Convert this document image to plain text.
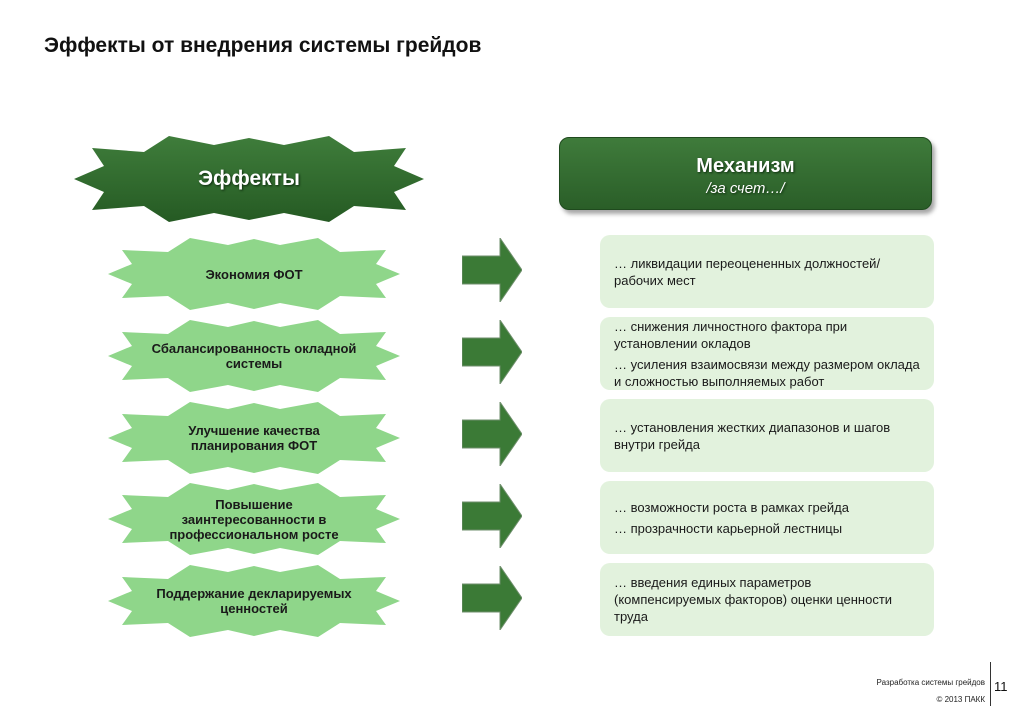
Эффекты от внедрения системы грейдов
Эффекты
Механизм
/за счет…/
Экономия ФОТ
… ликвидации переоцененных должностей/рабочих мест
Сбалансированность окладной системы
… снижения личностного фактора при установлении окладов
… усиления взаимосвязи между размером оклада и сложностью выполняемых работ
Улучшение качества планирования ФОТ
… установления жестких диапазонов и шагов внутри грейда
Повышение заинтересованности в профессиональном росте
… возможности роста в рамках грейда
… прозрачности карьерной лестницы
Поддержание декларируемых ценностей
… введения единых параметров (компенсируемых факторов) оценки ценности труда
Разработка системы грейдов
© 2013 ПАКК
11
